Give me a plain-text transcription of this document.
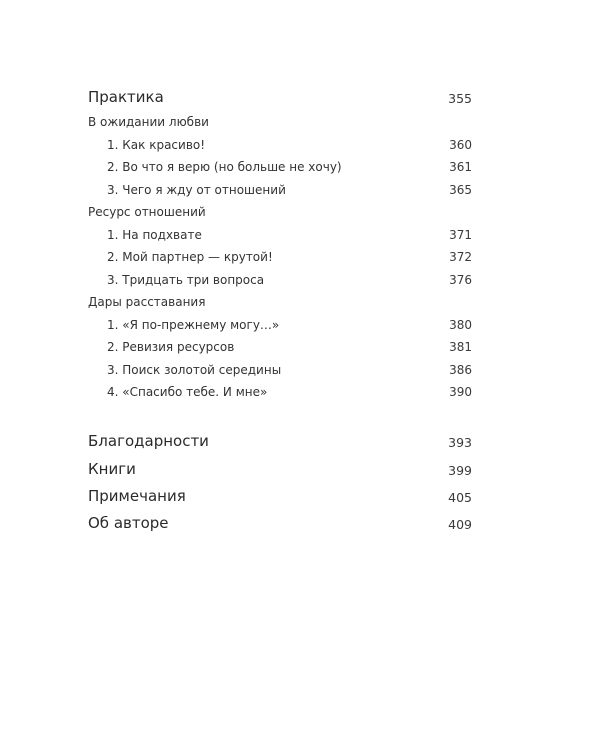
Практика	355
В ожидании любви
1. Как красиво!	360
2. Во что я верю (но больше не хочу)	361
3. Чего я жду от отношений	365
Ресурс отношений
1. На подхвате	371
2. Мой партнер — крутой!	372
3. Тридцать три вопроса	376
Дары расставания
1. «Я по-прежнему могу…»	380
2. Ревизия ресурсов	381
3. Поиск золотой середины	386
4. «Спасибо тебе. И мне»	390
Благодарности	393
Книги	399
Примечания	405
Об авторе	409
